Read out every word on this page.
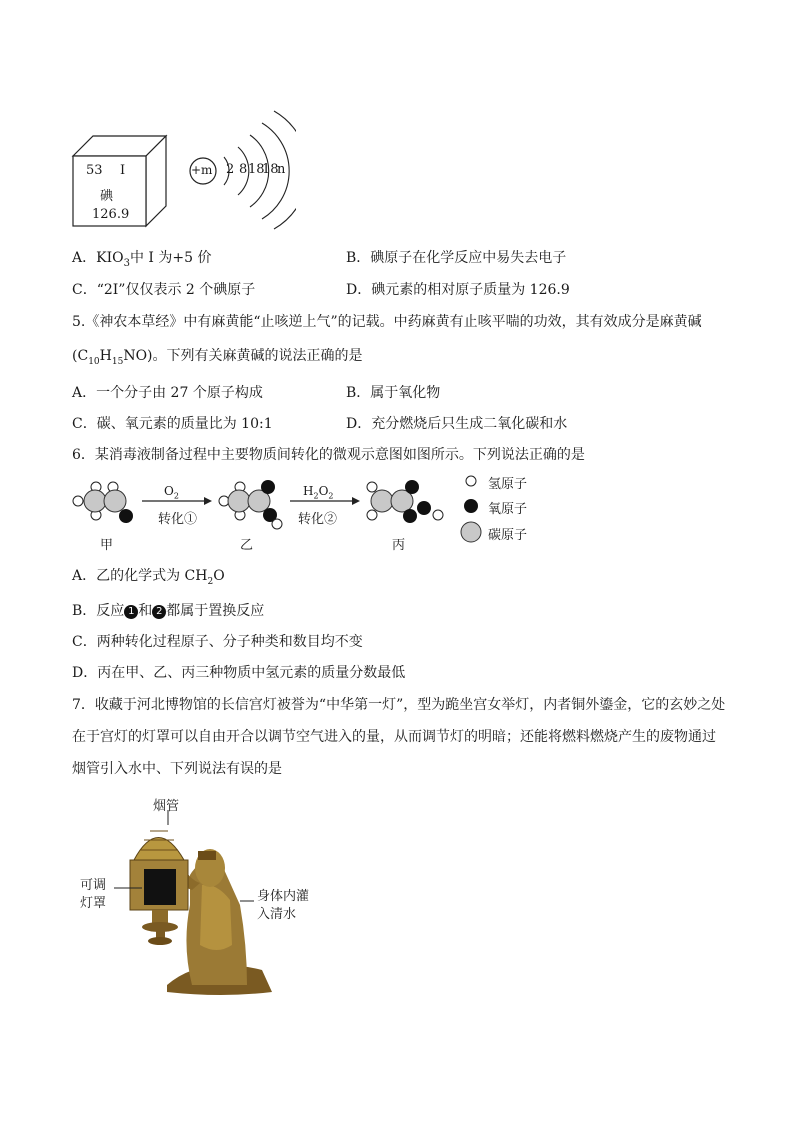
53 I
碘
126.9
+m 2 8 18
18
n
A．$KIO_3$中 I 为+5 价	B．碘原子在化学反应中易失去电子
C．“2I”仅仅表示 2 个碘原子	D．碘元素的相对原子质量为 126.9
5.《神农本草经》中有麻黄能“止咳逆上气”的记载。中药麻黄有止咳平喘的功效，其有效成分是麻黄碱
$(C_{10}H_{15}NO)$。下列有关麻黄碱的说法正确的是
A．一个分子由 27 个原子构成	B．属于氧化物
C．碳、氧元素的质量比为 10:1	D．充分燃烧后只生成二氧化碳和水
6．某消毒液制备过程中主要物质间转化的微观示意图如图所示。下列说法正确的是
$O_2$
转化①
$H_2O_2$
转化②
氢原子
氧原子
碳原子
甲	乙	丙
A．乙的化学式为 $CH_2O$
B．反应 1 和 2 都属于置换反应
C．两种转化过程原子、分子种类和数目均不变
D．丙在甲、乙、丙三种物质中氢元素的质量分数最低
7．收藏于河北博物馆的长信宫灯被誉为“中华第一灯”，型为跪坐宫女举灯，内者铜外鎏金，它的玄妙之处
在于宫灯的灯罩可以自由开合以调节空气进入的量，从而调节灯的明暗；还能将燃料燃烧产生的废物通过
烟管引入水中、下列说法有误的是
烟管
可调
灯罩	身体内灌
入清水
